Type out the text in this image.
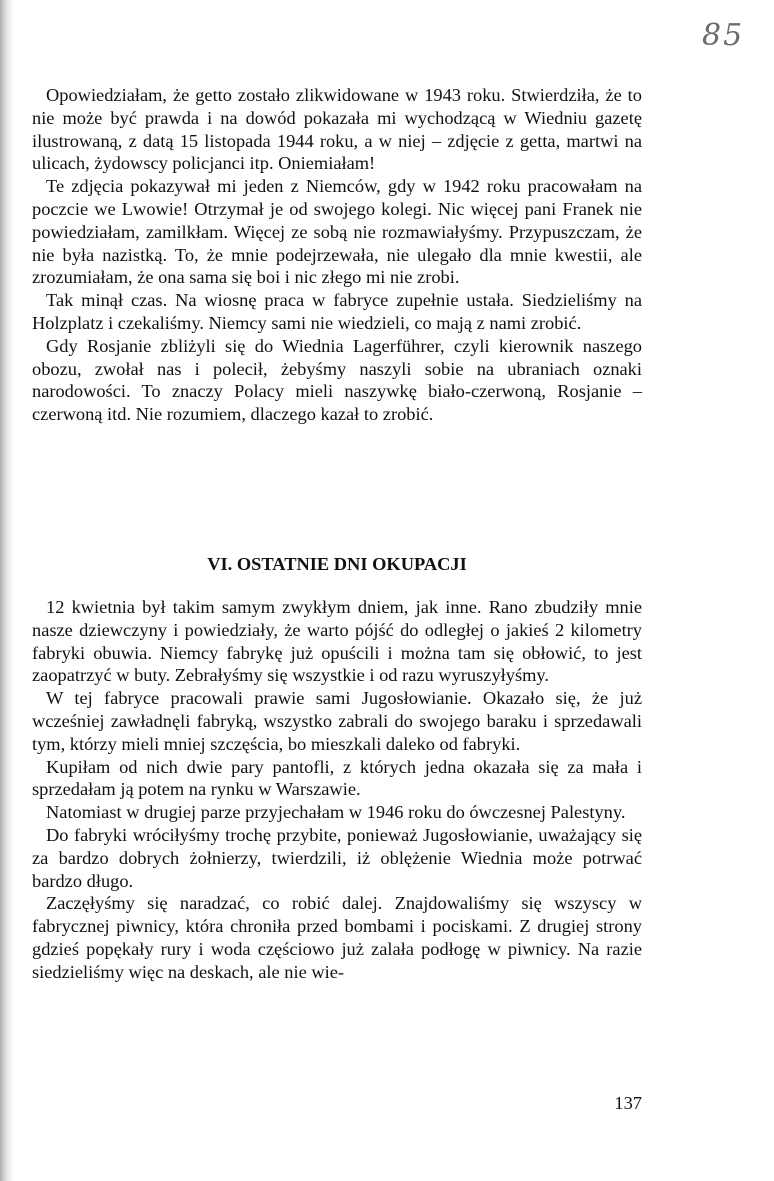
85

Opowiedziałam, że getto zostało zlikwidowane w 1943 roku. Stwierdziła, że to nie może być prawda i na dowód pokazała mi wychodzącą w Wiedniu gazetę ilustrowaną, z datą 15 listopada 1944 roku, a w niej – zdjęcie z getta, martwi na ulicach, żydowscy policjanci itp. Oniemiałam!

Te zdjęcia pokazywał mi jeden z Niemców, gdy w 1942 roku pracowałam na poczcie we Lwowie! Otrzymał je od swojego kolegi. Nic więcej pani Franek nie powiedziałam, zamilkłam. Więcej ze sobą nie rozmawiałyśmy. Przypuszczam, że nie była nazistką. To, że mnie podejrzewała, nie ulegało dla mnie kwestii, ale zrozumiałam, że ona sama się boi i nic złego mi nie zrobi.

Tak minął czas. Na wiosnę praca w fabryce zupełnie ustała. Siedzieliśmy na Holzplatz i czekaliśmy. Niemcy sami nie wiedzieli, co mają z nami zrobić.

Gdy Rosjanie zbliżyli się do Wiednia Lagerführer, czyli kierownik naszego obozu, zwołał nas i polecił, żebyśmy naszyli sobie na ubraniach oznaki narodowości. To znaczy Polacy mieli naszywkę biało-czerwoną, Rosjanie – czerwoną itd. Nie rozumiem, dlaczego kazał to zrobić.

VI. OSTATNIE DNI OKUPACJI

12 kwietnia był takim samym zwykłym dniem, jak inne. Rano zbudziły mnie nasze dziewczyny i powiedziały, że warto pójść do odległej o jakieś 2 kilometry fabryki obuwia. Niemcy fabrykę już opuścili i można tam się obłowić, to jest zaopatrzyć w buty. Zebrałyśmy się wszystkie i od razu wyruszyłyśmy.

W tej fabryce pracowali prawie sami Jugosłowianie. Okazało się, że już wcześniej zawładnęli fabryką, wszystko zabrali do swojego baraku i sprzedawali tym, którzy mieli mniej szczęścia, bo mieszkali daleko od fabryki.

Kupiłam od nich dwie pary pantofli, z których jedna okazała się za mała i sprzedałam ją potem na rynku w Warszawie.

Natomiast w drugiej parze przyjechałam w 1946 roku do ówczesnej Palestyny.

Do fabryki wróciłyśmy trochę przybite, ponieważ Jugosłowianie, uważający się za bardzo dobrych żołnierzy, twierdzili, iż oblężenie Wiednia może potrwać bardzo długo.

Zaczęłyśmy się naradzać, co robić dalej. Znajdowaliśmy się wszyscy w fabrycznej piwnicy, która chroniła przed bombami i pociskami. Z drugiej strony gdzieś popękały rury i woda częściowo już zalała podłogę w piwnicy. Na razie siedzieliśmy więc na deskach, ale nie wie-

137
